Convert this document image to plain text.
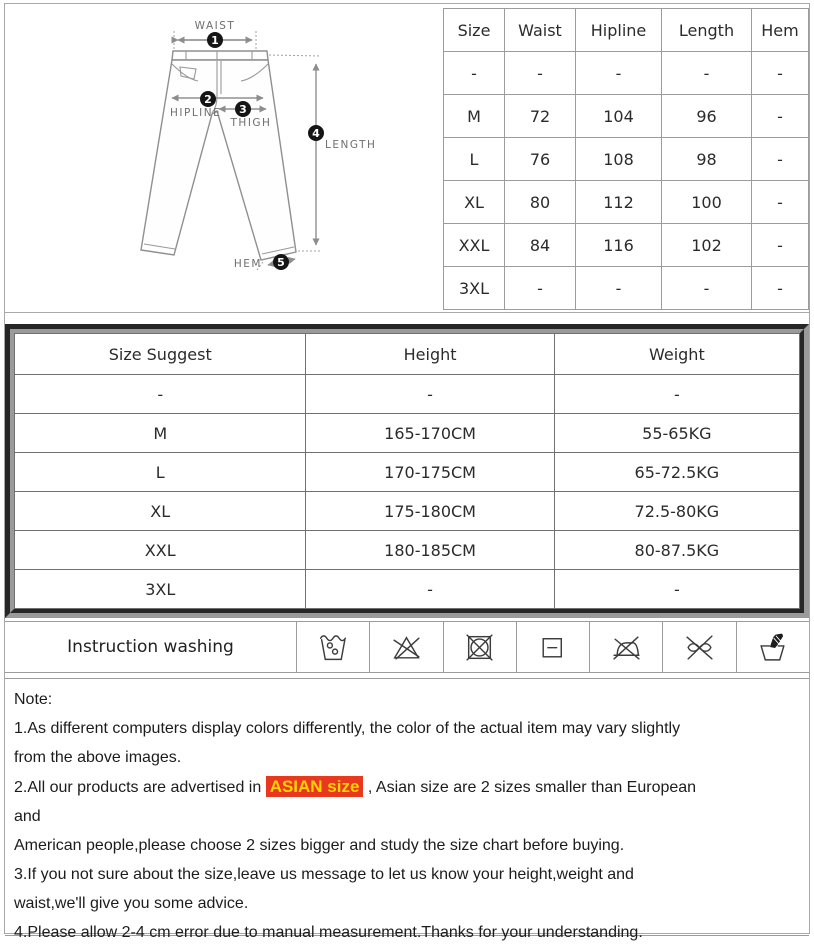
WAIST
HIPLINE
THIGH
LENGTH
HEM
1
2
3
4
5
Size	Waist	Hipline	Length	Hem
-	-	-	-	-
M	72	104	96	-
L	76	108	98	-
XL	80	112	100	-
XXL	84	116	102	-
3XL	-	-	-	-
Size Suggest	Height	Weight
-	-	-
M	165-170CM	55-65KG
L	170-175CM	65-72.5KG
XL	175-180CM	72.5-80KG
XXL	180-185CM	80-87.5KG
3XL	-	-
Instruction washing
Note:
1.As different computers display colors differently, the color of the actual item may vary slightly
from the above images.
2.All our products are advertised in ASIAN size , Asian size are 2 sizes smaller than European
and
American people,please choose 2 sizes bigger and study the size chart before buying.
3.If you not sure about the size,leave us message to let us know your height,weight and
waist,we'll give you some advice.
4.Please allow 2-4 cm error due to manual measurement.Thanks for your understanding.
